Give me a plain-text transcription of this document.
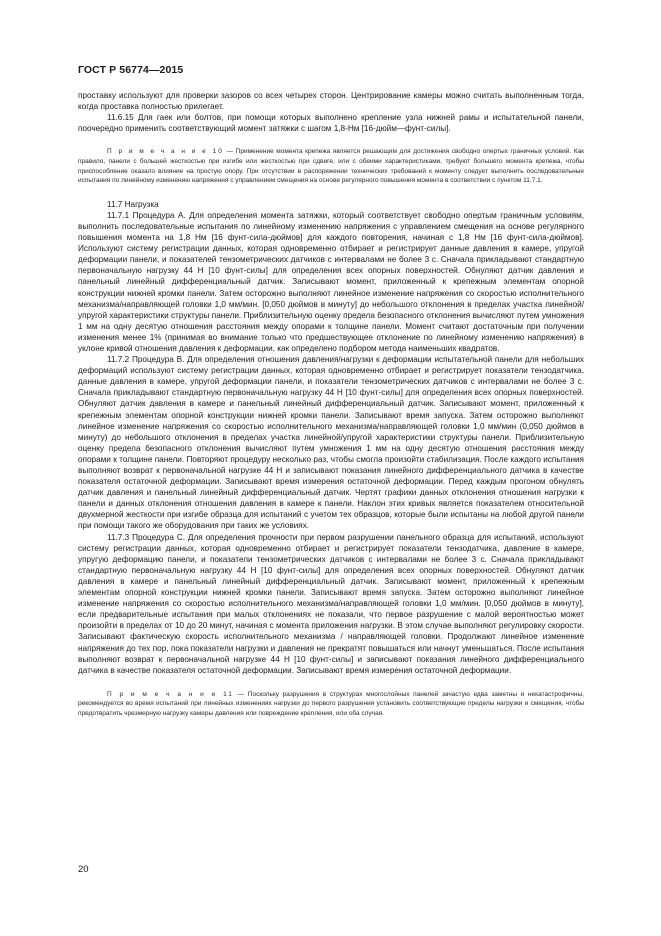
ГОСТ Р 56774—2015

проставку используют для проверки зазоров со всех четырех сторон. Центрирование камеры можно считать выполненным тогда, когда проставка полностью прилегает.

11.6.15 Для гаек или болтов, при помощи которых выполнено крепление узла нижней рамы и испытательной панели, поочередно применить соответствующий момент затяжки с шагом 1,8-Нм [16-дюйм—фунт-силы].

П р и м е ч а н и е 10 — Применение момента крепежа является решающим для достижения свободно опертых граничных условий. Как правило, панели с большей жесткостью при изгибе или жесткостью при сдвиге, или с обеими характеристиками, требуют большего момента крепежа, чтобы приспособление оказало влияние на простую опору. При отсутствии в распоряжении технических требований к моменту следует выполнить последовательные испытания по линейному изменению напряжения с управлением смещения на основе регулярного повышения момента в соответствии с пунктом 11.7.1.

11.7 Нагрузка

11.7.1 Процедура А. Для определения момента затяжки, который соответствует свободно опертым граничным условиям, выполнить последовательные испытания по линейному изменению напряжения с управлением смещения на основе регулярного повышения момента на 1,8 Нм [16 фунт-сила-дюймов] для каждого повторения, начиная с 1,8 Нм [16 фунт-сила-дюймов]. Используют систему регистрации данных, которая одновременно отбирает и регистрирует данные давления в камере, упругой деформации панели, и показателей тензометрических датчиков с интервалами не более 3 с. Сначала прикладывают стандартную первоначальную нагрузку 44 Н [10 фунт-силы] для определения всех опорных поверхностей. Обнуляют датчик давления и панельный линейный дифференциальный датчик. Записывают момент, приложенный к крепежным элементам опорной конструкции нижней кромки панели. Затем осторожно выполняют линейное изменение напряжения со скоростью исполнительного механизма/направляющей головки 1,0 мм/мин. [0,050 дюймов в минуту] до небольшого отклонения в пределах участка линейной/упругой характеристики структуры панели. Приблизительную оценку предела безопасного отклонения вычисляют путем умножения 1 мм на одну десятую отношения расстояния между опорами к толщине панели. Момент считают достаточным при получении изменения менее 1% (принимая во внимание только что предшествующее отклонение по линейному изменению напряжения) в уклоне кривой отношения давления к деформации, как определено подбором метода наименьших квадратов.

11.7.2 Процедура В. Для определения отношения давления/нагрузки к деформации испытательной панели для небольших деформаций используют систему регистрации данных, которая одновременно отбирает и регистрирует показатели тензодатчика, данные давления в камере, упругой деформации панели, и показатели тензометрических датчиков с интервалами не более 3 с. Сначала прикладывают стандартную первоначальную нагрузку 44 Н [10 фунт-силы] для определения всех опорных поверхностей. Обнуляют датчик давления в камере и панельный линейный дифференциальный датчик. Записывают момент, приложенный к крепежным элементам опорной конструкции нижней кромки панели. Записывают время запуска. Затем осторожно выполняют линейное изменение напряжения со скоростью исполнительного механизма/направляющей головки 1,0 мм/мин (0,050 дюймов в минуту) до небольшого отклонения в пределах участка линейной/упругой характеристики структуры панели. Приблизительную оценку предела безопасного отклонения вычисляют путем умножения 1 мм на одну десятую отношения расстояния между опорами к толщине панели. Повторяют процедуру несколько раз, чтобы смогла произойти стабилизация. После каждого испытания выполняют возврат к первоначальной нагрузке 44 Н и записывают показания линейного дифференциального датчика в качестве показателя остаточной деформации. Записывают время измерения остаточной деформации. Перед каждым прогоном обнулять датчик давления и панельный линейный дифференциальный датчик. Чертят графики данных отклонения отношения нагрузки к панели и данных отклонения отношения давления в камере к панели. Наклон этих кривых является показателем относительной двухмерной жесткости при изгибе образца для испытаний с учетом тех образцов, которые были испытаны на любой другой панели при помощи такого же оборудования при таких же условиях.

11.7.3 Процедура С. Для определения прочности при первом разрушении панельного образца для испытаний, используют систему регистрации данных, которая одновременно отбирает и регистрирует показатели тензодатчика, давление в камере, упругую деформацию панели, и показатели тензометрических датчиков с интервалами не более 3 с. Сначала прикладывают стандартную первоначальную нагрузку 44 Н [10 фунт-силы] для определения всех опорных поверхностей. Обнуляют датчик давления в камере и панельный линейный дифференциальный датчик. Записывают момент, приложенный к крепежным элементам опорной конструкции нижней кромки панели. Записывают время запуска. Затем осторожно выполняют линейное изменение напряжения со скоростью исполнительного механизма/направляющей головки 1,0 мм/мин. [0,050 дюймов в минуту], если предварительные испытания при малых отклонениях не показали, что первое разрушение с малой вероятностью может произойти в пределах от 10 до 20 минут, начиная с момента приложения нагрузки. В этом случае выполняют регулировку скорости. Записывают фактическую скорость исполнительного механизма / направляющей головки. Продолжают линейное изменение напряжения до тех пор, пока показатели нагрузки и давления не прекратят повышаться или начнут уменьшаться. После испытания выполняют возврат к первоначальной нагрузке 44 Н [10 фунт-силы] и записывают показания линейного дифференциального датчика в качестве показателя остаточной деформации. Записывают время измерения остаточной деформации.

П р и м е ч а н и е 11 — Поскольку разрушения в структурах многослойных панелей зачастую едва заметны и некатастрофичны, рекомендуется во время испытаний при линейных изменениях нагрузки до первого разрушения установить соответствующие пределы нагрузки и смещения, чтобы предотвратить чрезмерную нагрузку камеры давления или повреждение крепления, или оба случая.

20
